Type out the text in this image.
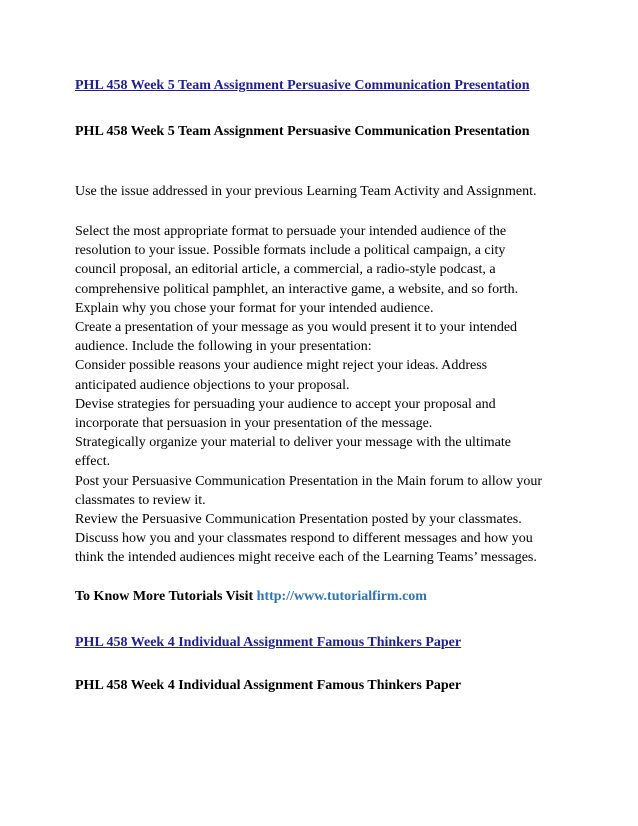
PHL 458 Week 5 Team Assignment Persuasive Communication Presentation
PHL 458 Week 5 Team Assignment Persuasive Communication Presentation
Use the issue addressed in your previous Learning Team Activity and Assignment.
Select the most appropriate format to persuade your intended audience of the
resolution to your issue. Possible formats include a political campaign, a city
council proposal, an editorial article, a commercial, a radio-style podcast, a
comprehensive political pamphlet, an interactive game, a website, and so forth.
Explain why you chose your format for your intended audience.
Create a presentation of your message as you would present it to your intended
audience. Include the following in your presentation:
Consider possible reasons your audience might reject your ideas. Address
anticipated audience objections to your proposal.
Devise strategies for persuading your audience to accept your proposal and
incorporate that persuasion in your presentation of the message.
Strategically organize your material to deliver your message with the ultimate
effect.
Post your Persuasive Communication Presentation in the Main forum to allow your
classmates to review it.
Review the Persuasive Communication Presentation posted by your classmates.
Discuss how you and your classmates respond to different messages and how you
think the intended audiences might receive each of the Learning Teams’ messages.
To Know More Tutorials Visit http://www.tutorialfirm.com
PHL 458 Week 4 Individual Assignment Famous Thinkers Paper
PHL 458 Week 4 Individual Assignment Famous Thinkers Paper
